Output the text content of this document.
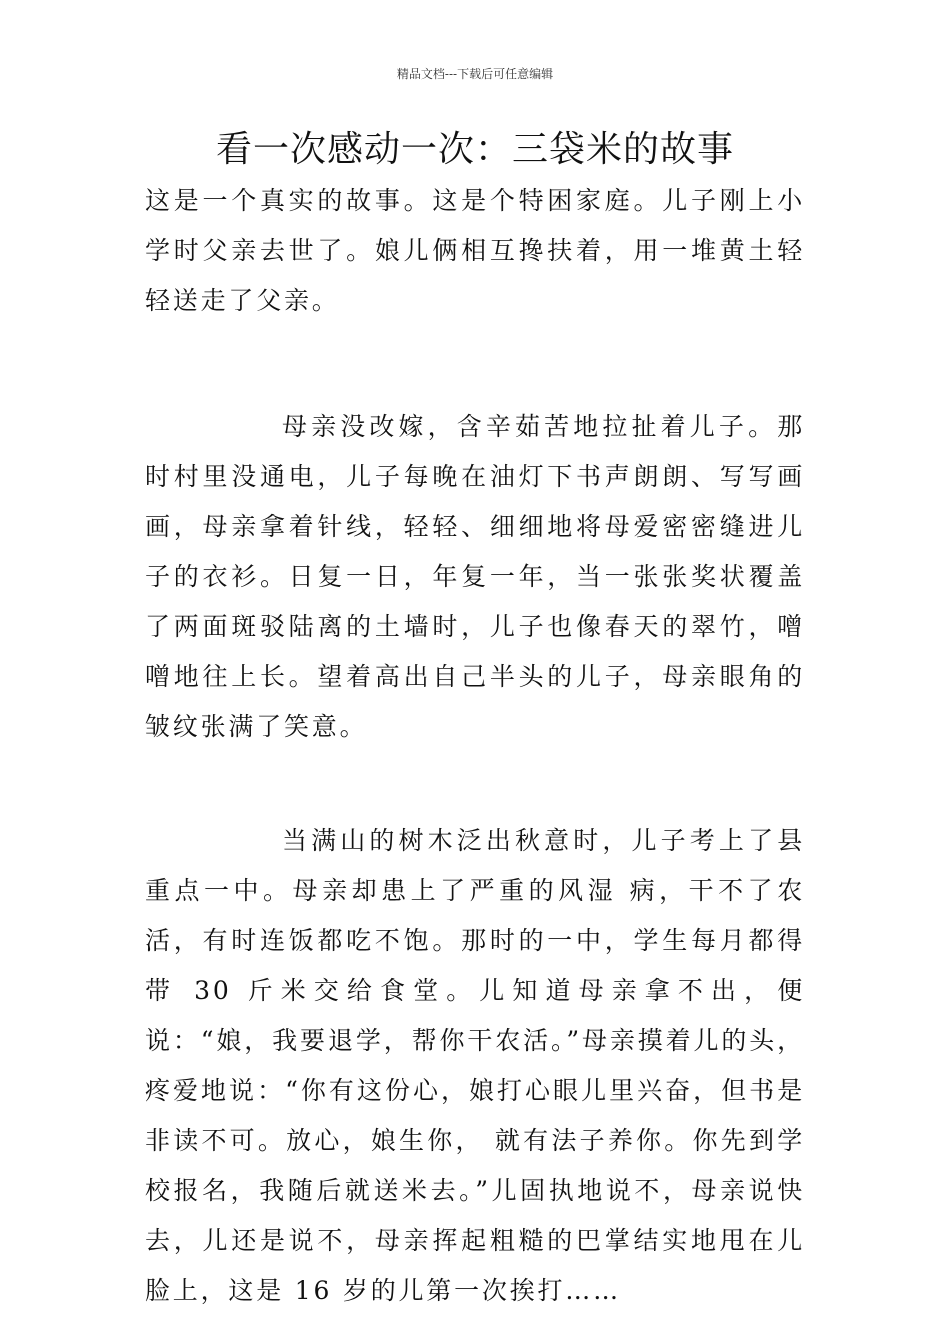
精品文档---下载后可任意编辑
看一次感动一次：三袋米的故事

这是一个真实的故事。这是个特困家庭。儿子刚上小学时父亲去世了。娘儿俩相互搀扶着，用一堆黄土轻轻送走了父亲。

母亲没改嫁，含辛茹苦地拉扯着儿子。那时村里没通电，儿子每晚在油灯下书声朗朗、写写画画，母亲拿着针线，轻轻、细细地将母爱密密缝进儿子的衣衫。日复一日，年复一年，当一张张奖状覆盖了两面斑驳陆离的土墙时，儿子也像春天的翠竹，噌噌地往上长。望着高出自己半头的儿子，母亲眼角的皱纹张满了笑意。

当满山的树木泛出秋意时，儿子考上了县重点一中。母亲却患上了严重的风湿 病，干不了农活，有时连饭都吃不饱。那时的一中，学生每月都得带 30 斤米交给食堂。儿知道母亲拿不出，便说：“娘，我要退学，帮你干农活。”母亲摸着儿的头，疼爱地说：“你有这份心，娘打心眼儿里兴奋，但书是非读不可。放心，娘生你， 就有法子养你。你先到学校报名，我随后就送米去。”儿固执地说不，母亲说快去，儿还是说不，母亲挥起粗糙的巴掌结实地甩在儿脸上，这是 16 岁的儿第一次挨打……
